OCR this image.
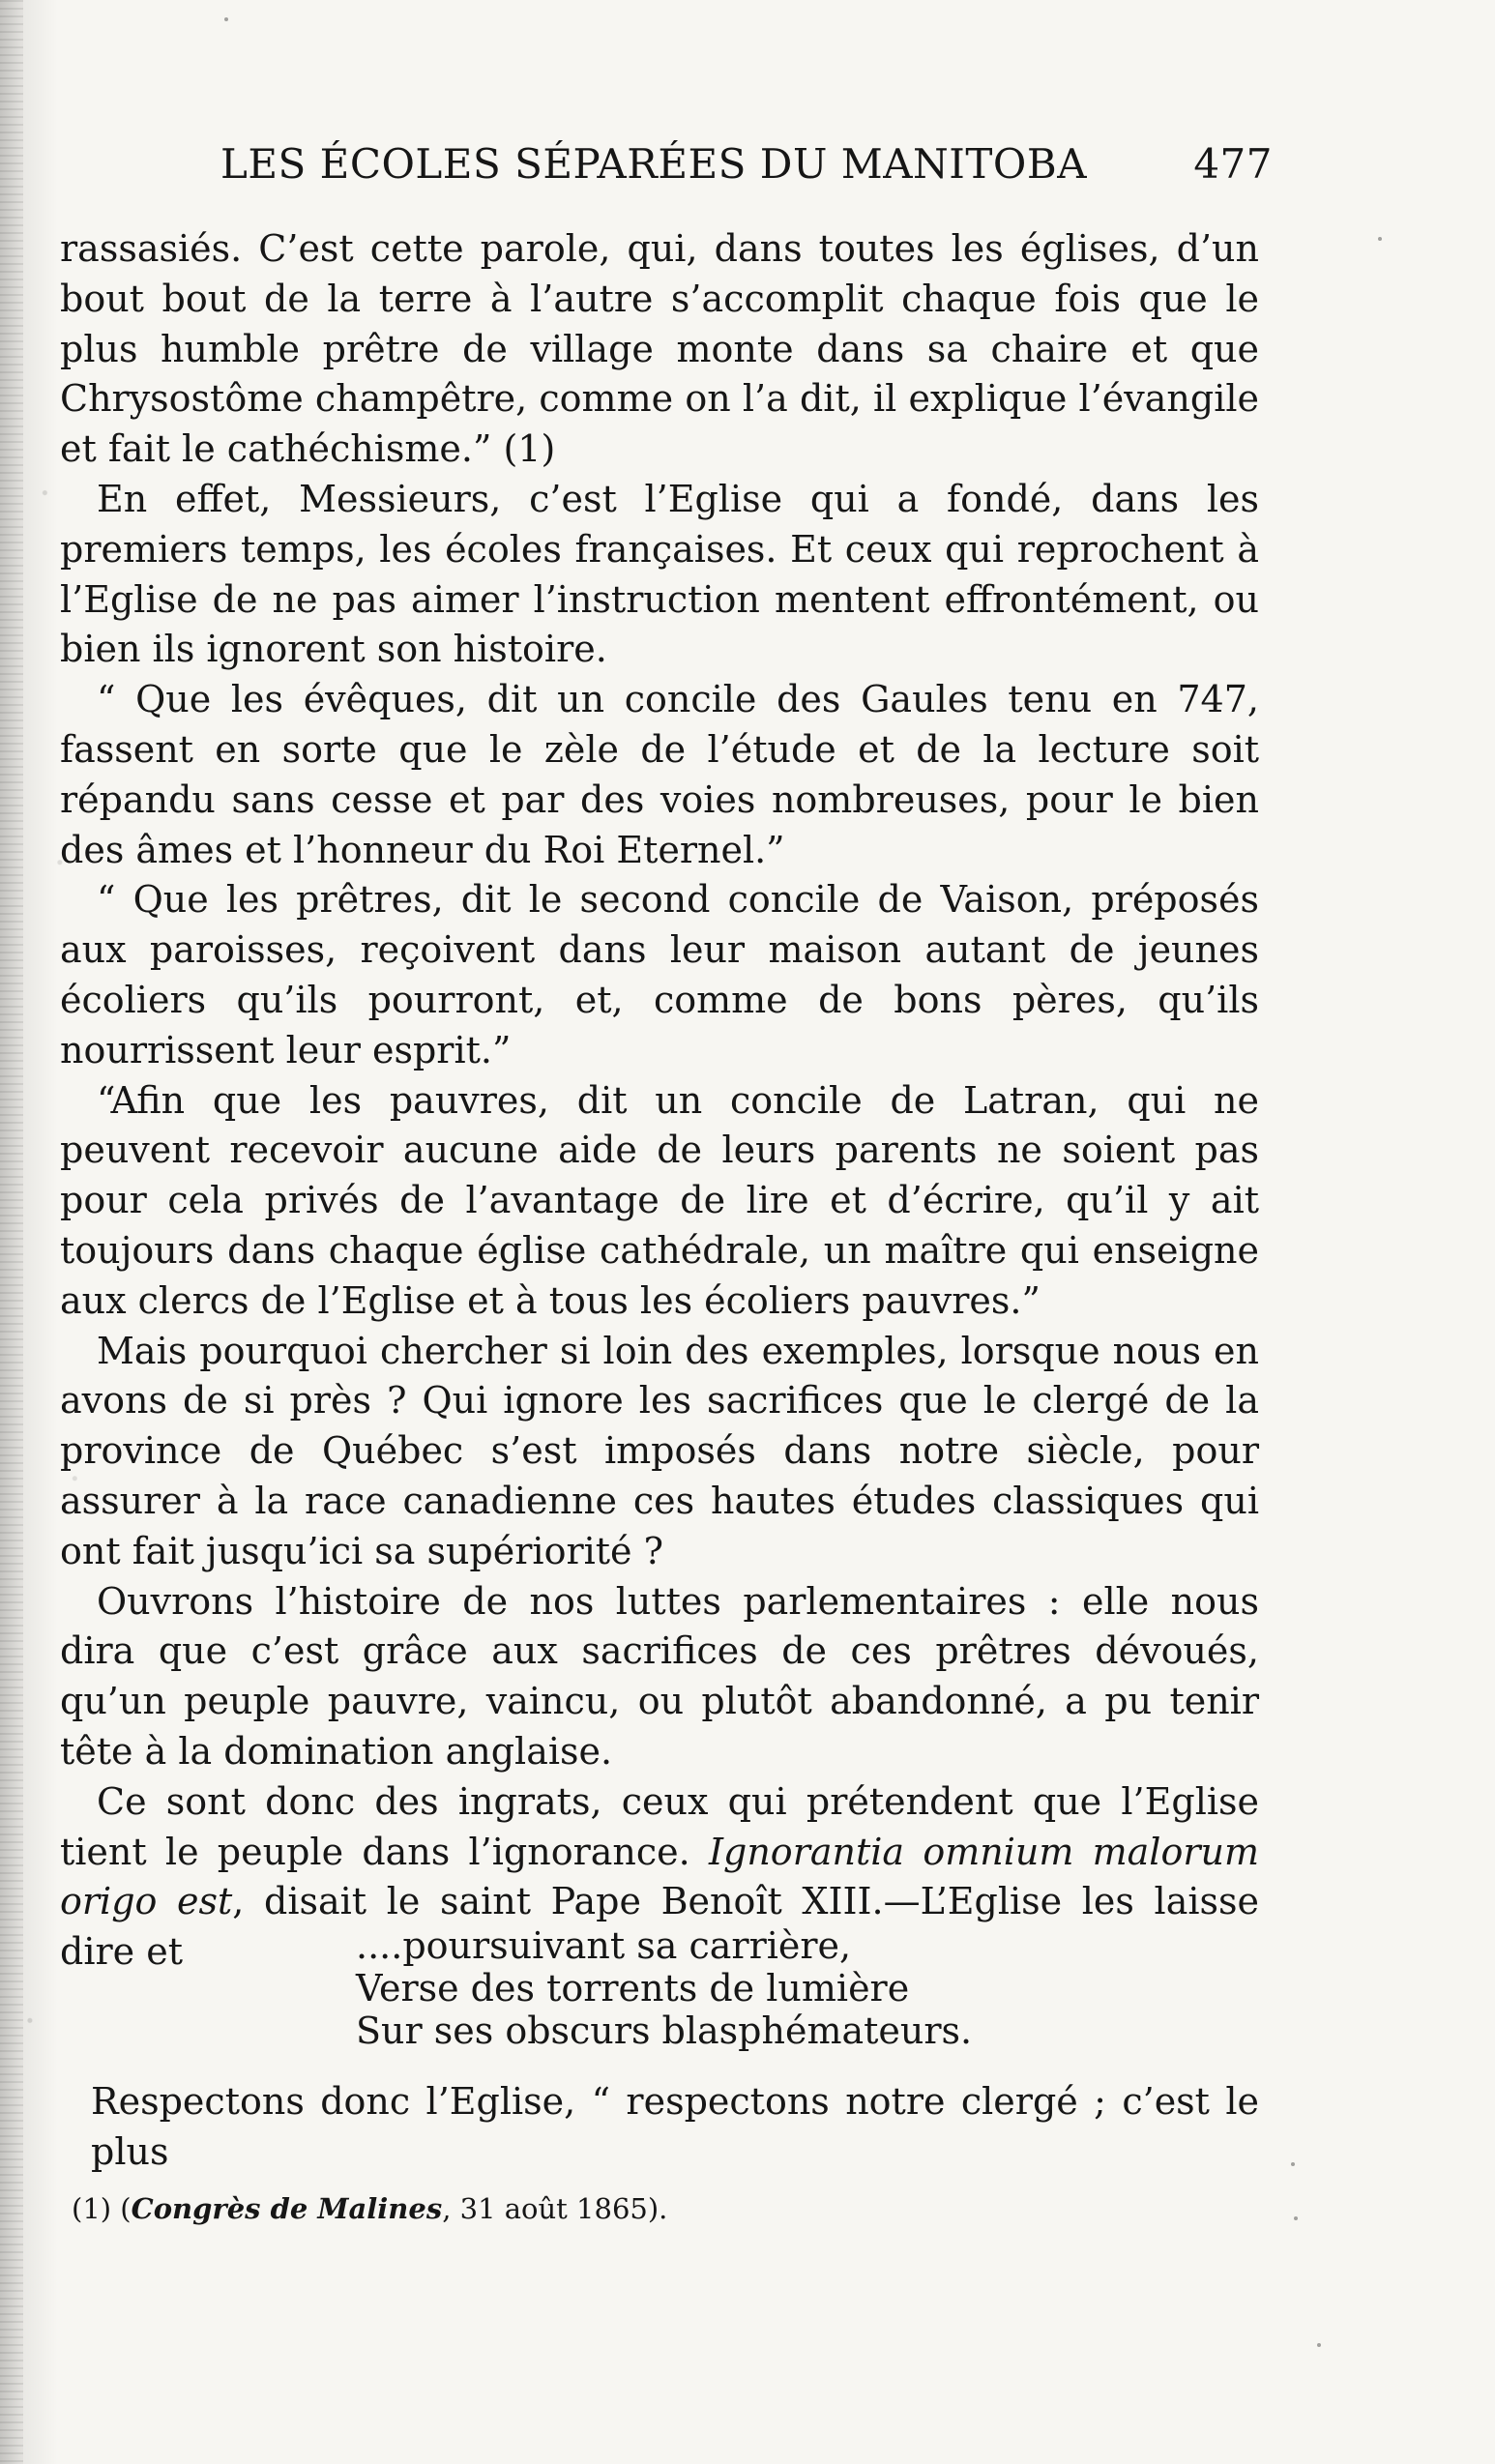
LES ÉCOLES SÉPARÉES DU MANITOBA	477

rassasiés. C’est cette parole, qui, dans toutes les églises, d’un bout bout de la terre à l’autre s’accomplit chaque fois que le plus humble prêtre de village monte dans sa chaire et que Chrysostôme champêtre, comme on l’a dit, il explique l’évangile et fait le cathéchisme.” (1)

En effet, Messieurs, c’est l’Eglise qui a fondé, dans les premiers temps, les écoles françaises. Et ceux qui reprochent à l’Eglise de ne pas aimer l’instruction mentent effrontément, ou bien ils ignorent son histoire.

“ Que les évêques, dit un concile des Gaules tenu en 747, fassent en sorte que le zèle de l’étude et de la lecture soit répandu sans cesse et par des voies nombreuses, pour le bien des âmes et l’honneur du Roi Eternel.”

“ Que les prêtres, dit le second concile de Vaison, préposés aux paroisses, reçoivent dans leur maison autant de jeunes écoliers qu’ils pourront, et, comme de bons pères, qu’ils nourrissent leur esprit.”

“Afin que les pauvres, dit un concile de Latran, qui ne peuvent recevoir aucune aide de leurs parents ne soient pas pour cela privés de l’avantage de lire et d’écrire, qu’il y ait toujours dans chaque église cathédrale, un maître qui enseigne aux clercs de l’Eglise et à tous les écoliers pauvres.”

Mais pourquoi chercher si loin des exemples, lorsque nous en avons de si près ? Qui ignore les sacrifices que le clergé de la province de Québec s’est imposés dans notre siècle, pour assurer à la race canadienne ces hautes études classiques qui ont fait jusqu’ici sa supériorité ?

Ouvrons l’histoire de nos luttes parlementaires : elle nous dira que c’est grâce aux sacrifices de ces prêtres dévoués, qu’un peuple pauvre, vaincu, ou plutôt abandonné, a pu tenir tête à la domination anglaise.

Ce sont donc des ingrats, ceux qui prétendent que l’Eglise tient le peuple dans l’ignorance. Ignorantia omnium malorum origo est, disait le saint Pape Benoît XIII.—L’Eglise les laisse dire et	....poursuivant sa carrière,
Verse des torrents de lumière
Sur ses obscurs blasphémateurs.
Respectons donc l’Eglise, “ respectons notre clergé ; c’est le plus
(1) (Congrès de Malines, 31 août 1865).
